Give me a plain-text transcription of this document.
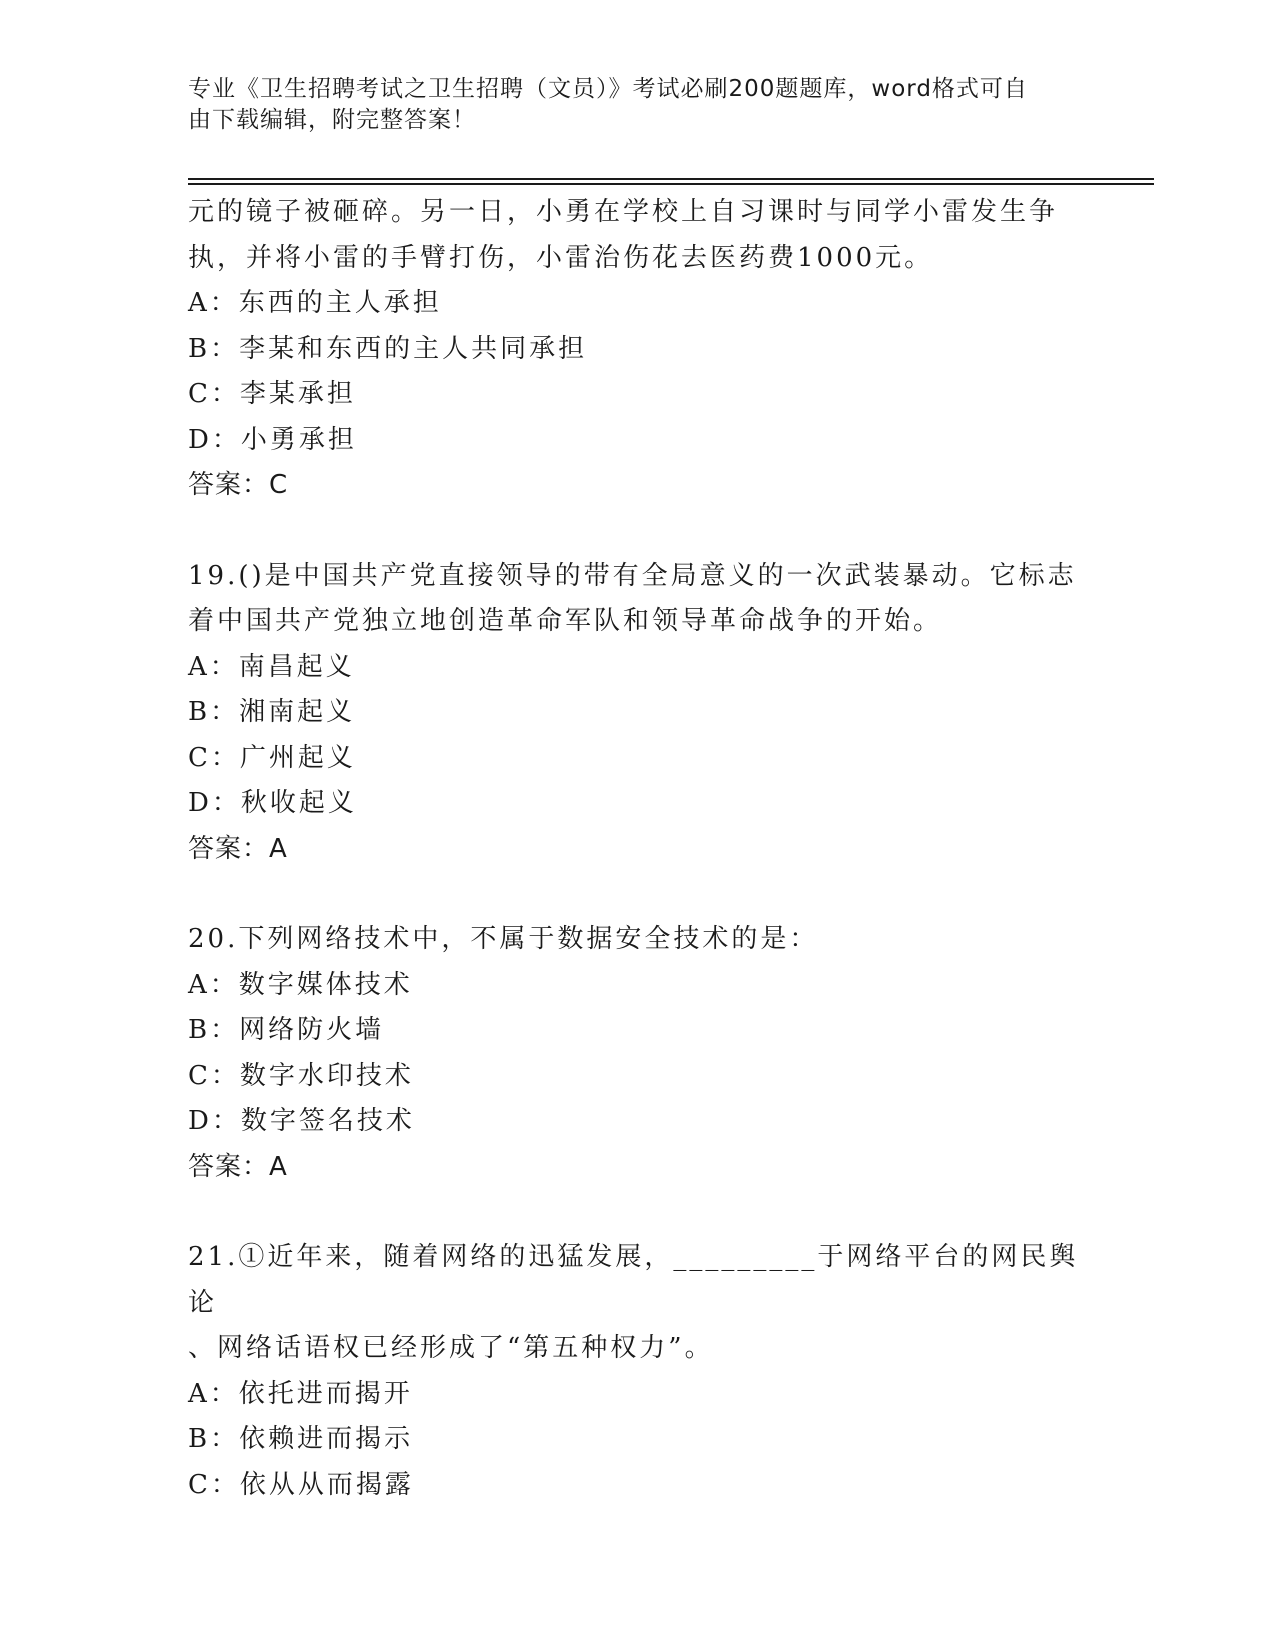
专业《卫生招聘考试之卫生招聘（文员）》考试必刷200题题库，word格式可自
由下载编辑，附完整答案！

元的镜子被砸碎。另一日，小勇在学校上自习课时与同学小雷发生争

执，并将小雷的手臂打伤，小雷治伤花去医药费1000元。

A：东西的主人承担

B：李某和东西的主人共同承担

C：李某承担

D：小勇承担

答案：C

19.()是中国共产党直接领导的带有全局意义的一次武装暴动。它标志

着中国共产党独立地创造革命军队和领导革命战争的开始。

A：南昌起义

B：湘南起义

C：广州起义

D：秋收起义

答案：A

20.下列网络技术中，不属于数据安全技术的是：

A：数字媒体技术

B：网络防火墙

C：数字水印技术

D：数字签名技术

答案：A

21.①近年来，随着网络的迅猛发展，_________于网络平台的网民舆论

、网络话语权已经形成了“第五种权力”。

A：依托进而揭开

B：依赖进而揭示

C：依从从而揭露
